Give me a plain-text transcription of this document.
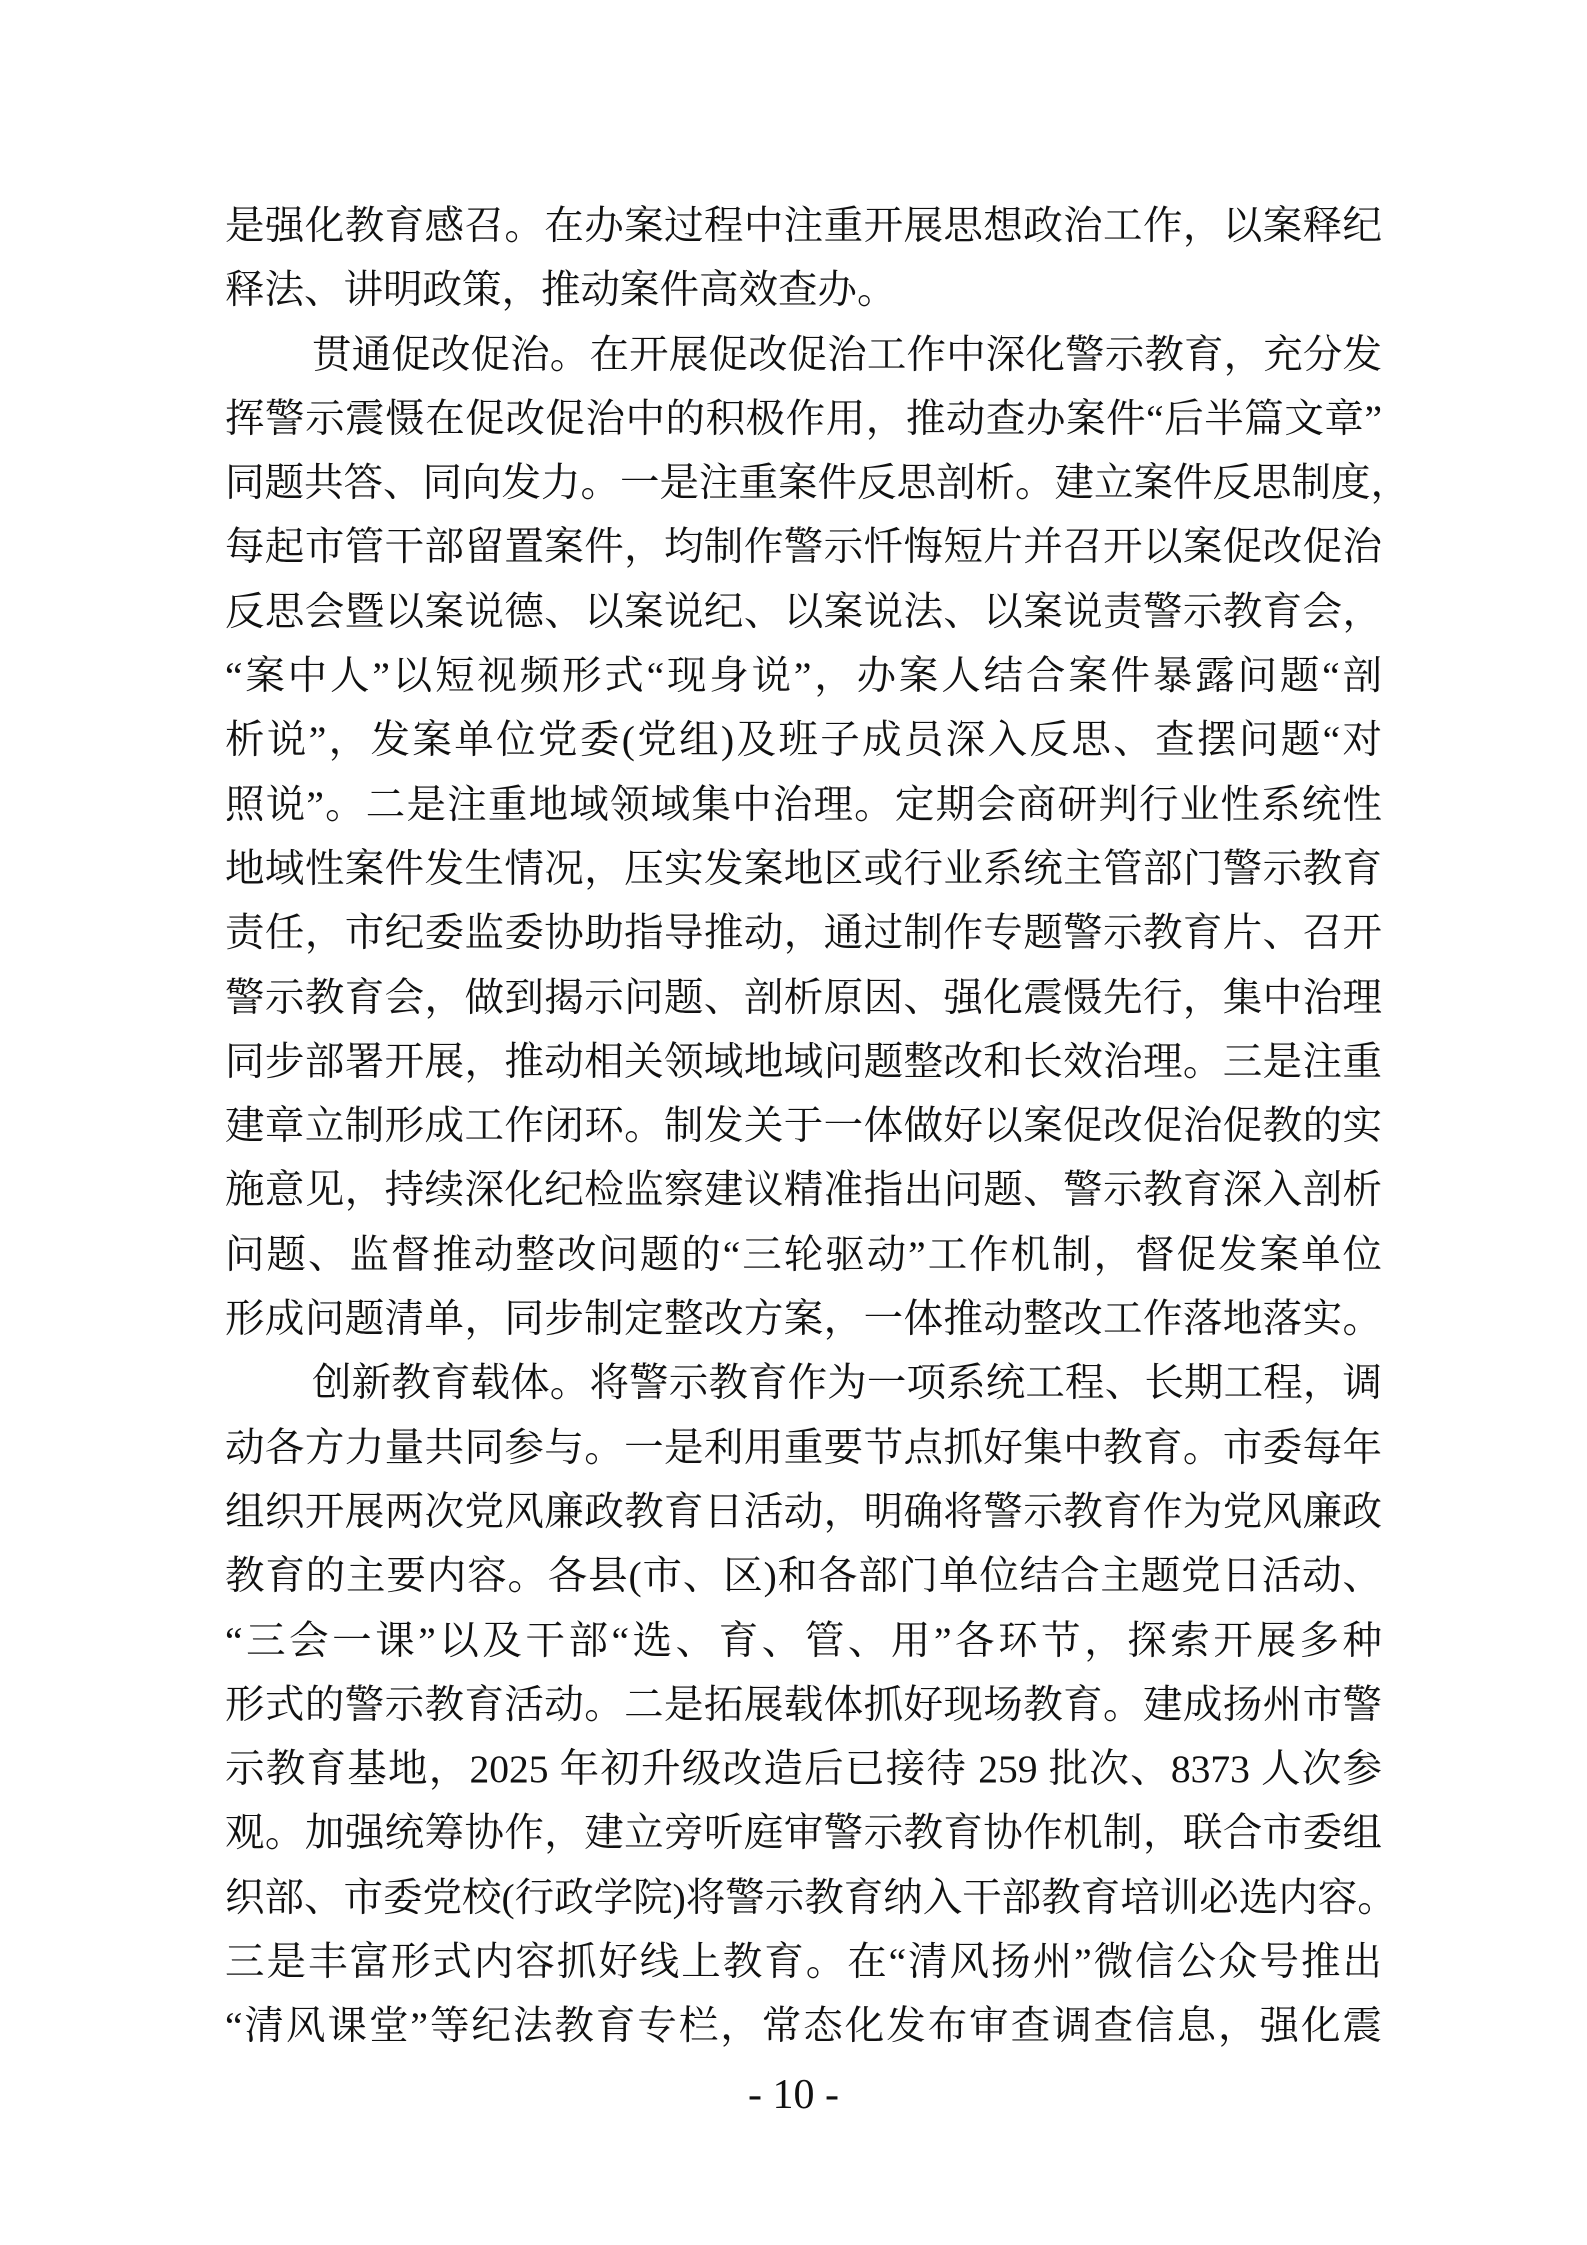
是强化教育感召。在办案过程中注重开展思想政治工作，以案释纪
释法、讲明政策，推动案件高效查办。
贯通促改促治。在开展促改促治工作中深化警示教育，充分发
挥警示震慑在促改促治中的积极作用，推动查办案件“后半篇文章”
同题共答、同向发力。一是注重案件反思剖析。建立案件反思制度，
每起市管干部留置案件，均制作警示忏悔短片并召开以案促改促治
反思会暨以案说德、以案说纪、以案说法、以案说责警示教育会，
“案中人”以短视频形式“现身说”，办案人结合案件暴露问题“剖
析说”，发案单位党委(党组)及班子成员深入反思、查摆问题“对
照说”。二是注重地域领域集中治理。定期会商研判行业性系统性
地域性案件发生情况，压实发案地区或行业系统主管部门警示教育
责任，市纪委监委协助指导推动，通过制作专题警示教育片、召开
警示教育会，做到揭示问题、剖析原因、强化震慑先行，集中治理
同步部署开展，推动相关领域地域问题整改和长效治理。三是注重
建章立制形成工作闭环。制发关于一体做好以案促改促治促教的实
施意见，持续深化纪检监察建议精准指出问题、警示教育深入剖析
问题、监督推动整改问题的“三轮驱动”工作机制，督促发案单位
形成问题清单，同步制定整改方案，一体推动整改工作落地落实。
创新教育载体。将警示教育作为一项系统工程、长期工程，调
动各方力量共同参与。一是利用重要节点抓好集中教育。市委每年
组织开展两次党风廉政教育日活动，明确将警示教育作为党风廉政
教育的主要内容。各县(市、区)和各部门单位结合主题党日活动、
“三会一课”以及干部“选、育、管、用”各环节，探索开展多种
形式的警示教育活动。二是拓展载体抓好现场教育。建成扬州市警
示教育基地，2025 年初升级改造后已接待 259 批次、8373 人次参
观。加强统筹协作，建立旁听庭审警示教育协作机制，联合市委组
织部、市委党校(行政学院)将警示教育纳入干部教育培训必选内容。
三是丰富形式内容抓好线上教育。在“清风扬州”微信公众号推出
“清风课堂”等纪法教育专栏，常态化发布审查调查信息，强化震
- 10 -
